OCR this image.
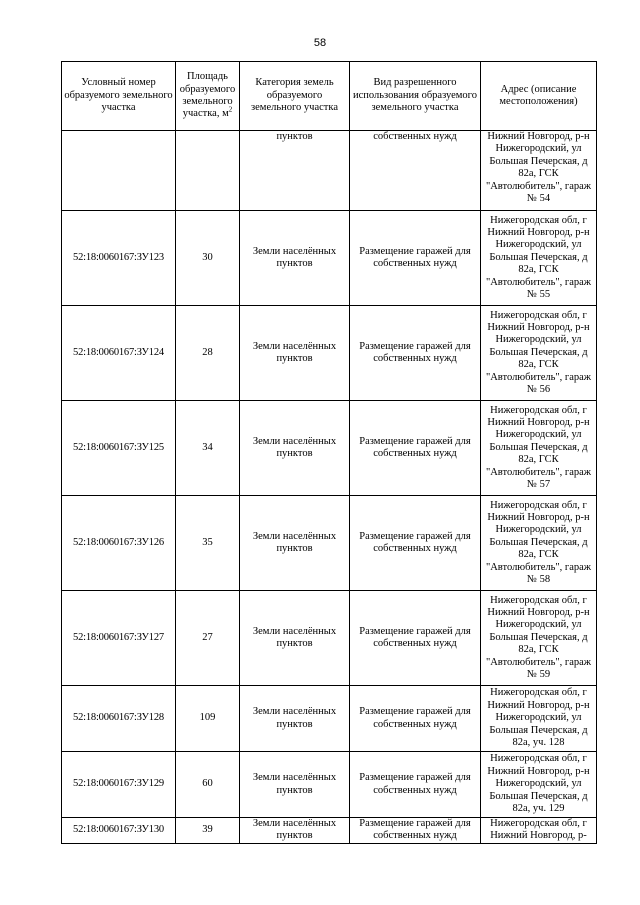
58
Условный номер образуемого земельного участка	Площадь образуемого земельного участка, $м^2$	Категория земель образуемого земельного участка	Вид разрешенного использования образуемого земельного участка	Адрес (описание местоположения)
		пунктов	собственных нужд	Нижний Новгород, р-н Нижегородский, ул Большая Печерская, д 82а, ГСК "Автолюбитель", гараж № 54
52:18:0060167:ЗУ123	30	Земли населённых пунктов	Размещение гаражей для собственных нужд	Нижегородская обл, г Нижний Новгород, р-н Нижегородский, ул Большая Печерская, д 82а, ГСК "Автолюбитель", гараж № 55
52:18:0060167:ЗУ124	28	Земли населённых пунктов	Размещение гаражей для собственных нужд	Нижегородская обл, г Нижний Новгород, р-н Нижегородский, ул Большая Печерская, д 82а, ГСК "Автолюбитель", гараж № 56
52:18:0060167:ЗУ125	34	Земли населённых пунктов	Размещение гаражей для собственных нужд	Нижегородская обл, г Нижний Новгород, р-н Нижегородский, ул Большая Печерская, д 82а, ГСК "Автолюбитель", гараж № 57
52:18:0060167:ЗУ126	35	Земли населённых пунктов	Размещение гаражей для собственных нужд	Нижегородская обл, г Нижний Новгород, р-н Нижегородский, ул Большая Печерская, д 82а, ГСК "Автолюбитель", гараж № 58
52:18:0060167:ЗУ127	27	Земли населённых пунктов	Размещение гаражей для собственных нужд	Нижегородская обл, г Нижний Новгород, р-н Нижегородский, ул Большая Печерская, д 82а, ГСК "Автолюбитель", гараж № 59
52:18:0060167:ЗУ128	109	Земли населённых пунктов	Размещение гаражей для собственных нужд	Нижегородская обл, г Нижний Новгород, р-н Нижегородский, ул Большая Печерская, д 82а, уч. 128
52:18:0060167:ЗУ129	60	Земли населённых пунктов	Размещение гаражей для собственных нужд	Нижегородская обл, г Нижний Новгород, р-н Нижегородский, ул Большая Печерская, д 82а, уч. 129
52:18:0060167:ЗУ130	39	Земли населённых пунктов	Размещение гаражей для собственных нужд	Нижегородская обл, г Нижний Новгород, р-
